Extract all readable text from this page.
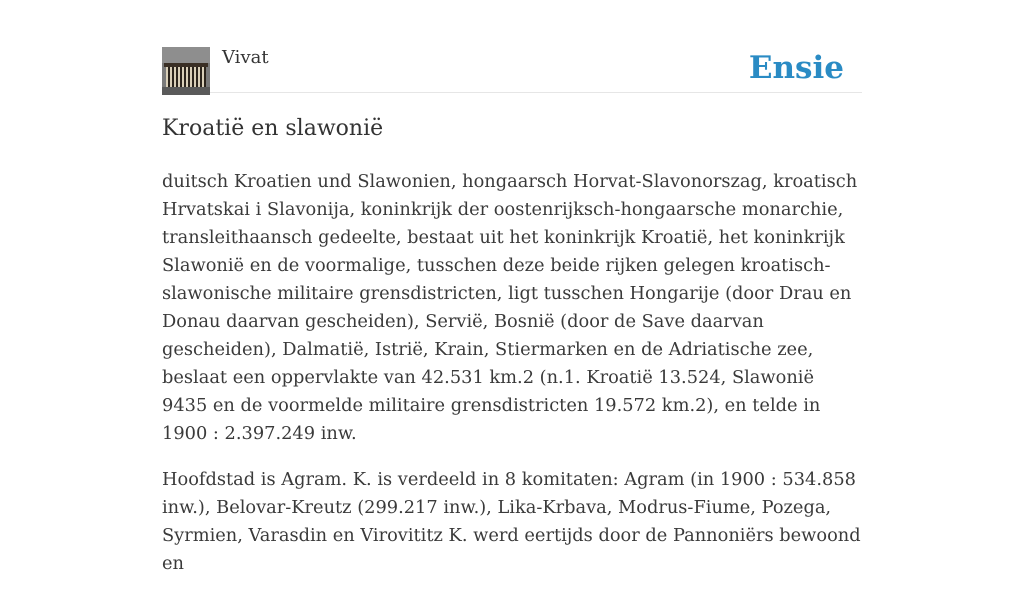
Vivat	Ensie
Kroatië en slawonië

duitsch Kroatien und Slawonien, hongaarsch Horvat-Slavonorszag, kroatisch Hrvatskai i Slavonija, koninkrijk der oostenrijksch-hongaarsche monarchie, transleithaansch gedeelte, bestaat uit het koninkrijk Kroatië, het koninkrijk Slawonië en de voormalige, tusschen deze beide rijken gelegen kroatisch-slawonische militaire grensdistricten, ligt tusschen Hongarije (door Drau en Donau daarvan gescheiden), Servië, Bosnië (door de Save daarvan gescheiden), Dalmatië, Istrië, Krain, Stiermarken en de Adriatische zee, beslaat een oppervlakte van 42.531 km.2 (n.1. Kroatië 13.524, Slawonië 9435 en de voormelde militaire grensdistricten 19.572 km.2), en telde in 1900 : 2.397.249 inw.

Hoofdstad is Agram. K. is verdeeld in 8 komitaten: Agram (in 1900 : 534.858 inw.), Belovar-Kreutz (299.217 inw.), Lika-Krbava, Modrus-Fiume, Pozega, Syrmien, Varasdin en Virovititz K. werd eertijds door de Pannoniërs bewoond en
